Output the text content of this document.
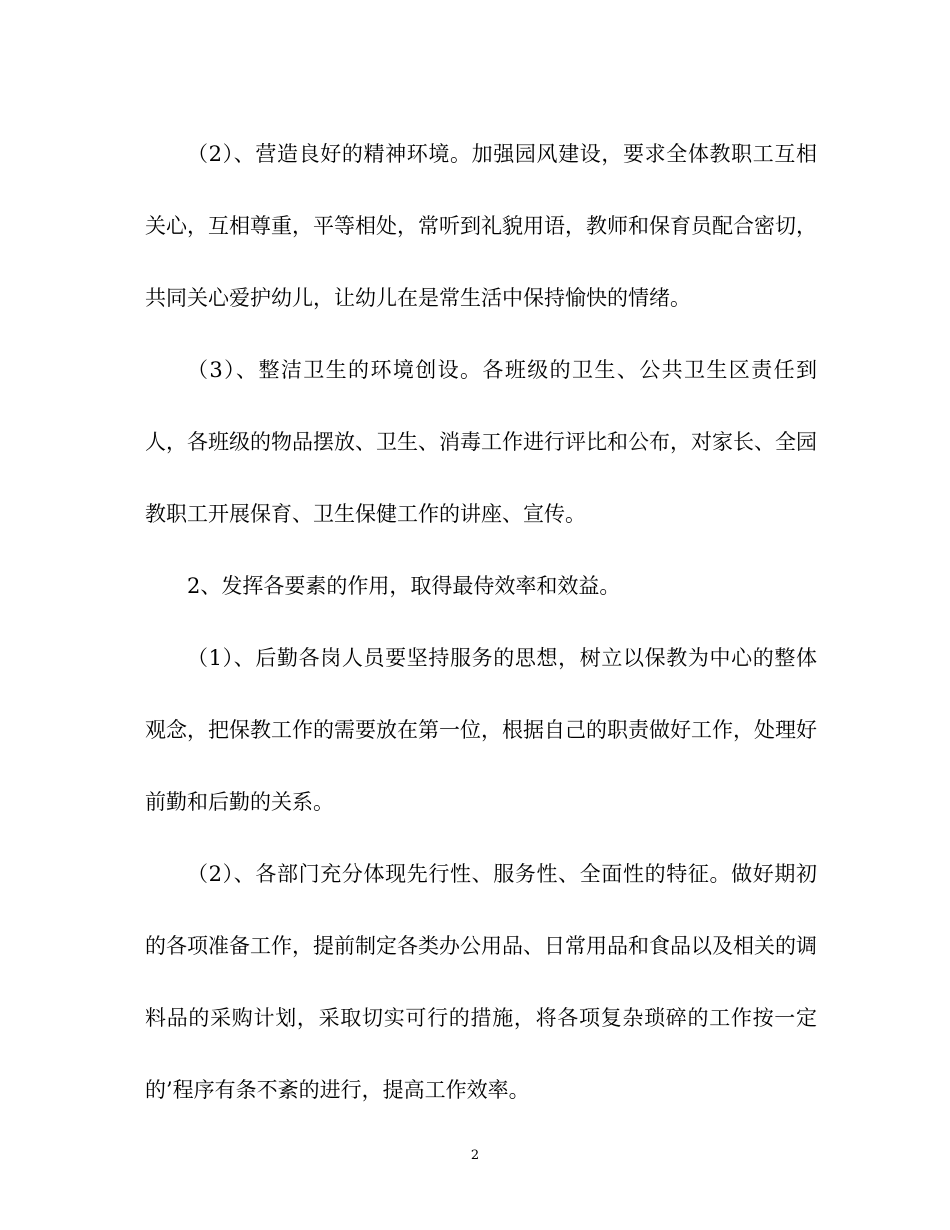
（2）、营造良好的精神环境。加强园风建设，要求全体教职工互相关心，互相尊重，平等相处，常听到礼貌用语，教师和保育员配合密切，共同关心爱护幼儿，让幼儿在是常生活中保持愉快的情绪。

（3）、整洁卫生的环境创设。各班级的卫生、公共卫生区责任到人，各班级的物品摆放、卫生、消毒工作进行评比和公布，对家长、全园教职工开展保育、卫生保健工作的讲座、宣传。

2、发挥各要素的作用，取得最侍效率和效益。

（1）、后勤各岗人员要坚持服务的思想，树立以保教为中心的整体观念，把保教工作的需要放在第一位，根据自己的职责做好工作，处理好前勤和后勤的关系。

（2）、各部门充分体现先行性、服务性、全面性的特征。做好期初的各项准备工作，提前制定各类办公用品、日常用品和食品以及相关的调料品的采购计划，采取切实可行的措施，将各项复杂琐碎的工作按一定的’程序有条不紊的进行，提高工作效率。

2
